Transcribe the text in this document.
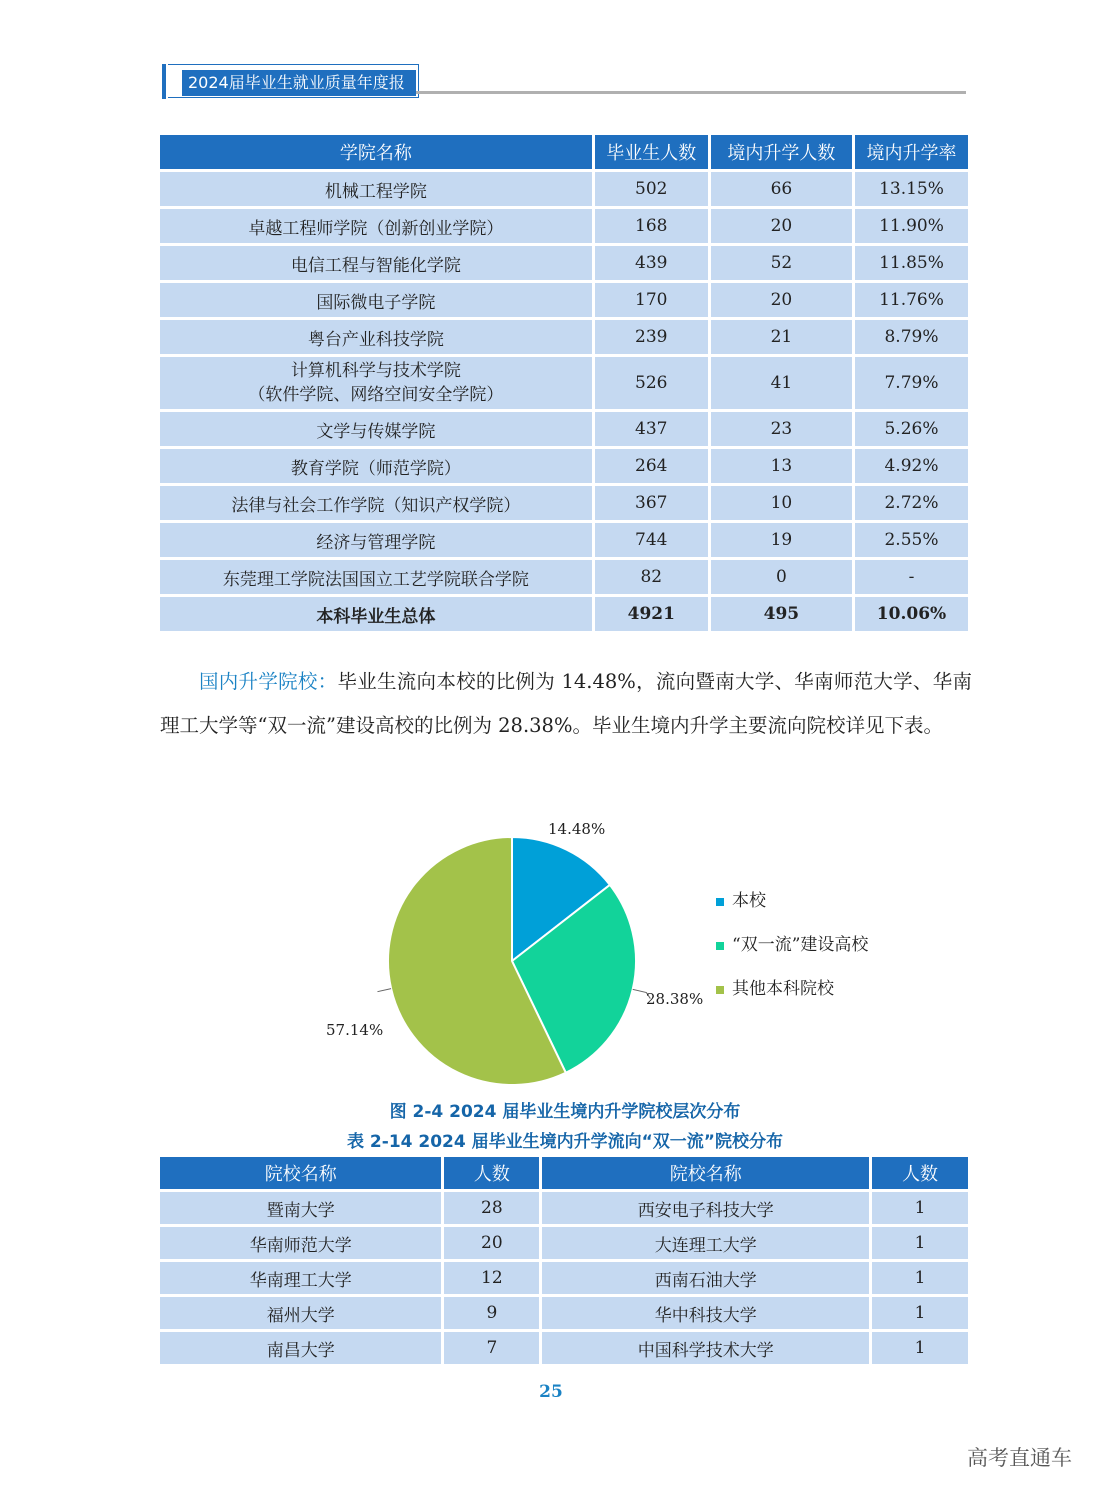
2024届毕业生就业质量年度报告
学院名称	毕业生人数	境内升学人数	境内升学率
机械工程学院	502	66	13.15%
卓越工程师学院（创新创业学院）	168	20	11.90%
电信工程与智能化学院	439	52	11.85%
国际微电子学院	170	20	11.76%
粤台产业科技学院	239	21	8.79%
计算机科学与技术学院
（软件学院、网络空间安全学院）	526	41	7.79%
文学与传媒学院	437	23	5.26%
教育学院（师范学院）	264	13	4.92%
法律与社会工作学院（知识产权学院）	367	10	2.72%
经济与管理学院	744	19	2.55%
东莞理工学院法国国立工艺学院联合学院	82	0	-
本科毕业生总体	4921	495	10.06%
国内升学院校：毕业生流向本校的比例为 14.48%，流向暨南大学、华南师范大学、华南理工大学等“双一流”建设高校的比例为 28.38%。毕业生境内升学主要流向院校详见下表。
14.48%
28.38%
57.14%
本校
“双一流”建设高校
其他本科院校
图 2-4 2024 届毕业生境内升学院校层次分布
表 2-14 2024 届毕业生境内升学流向“双一流”院校分布
院校名称	人数	院校名称	人数
暨南大学	28	西安电子科技大学	1
华南师范大学	20	大连理工大学	1
华南理工大学	12	西南石油大学	1
福州大学	9	华中科技大学	1
南昌大学	7	中国科学技术大学	1
25
高考直通车
